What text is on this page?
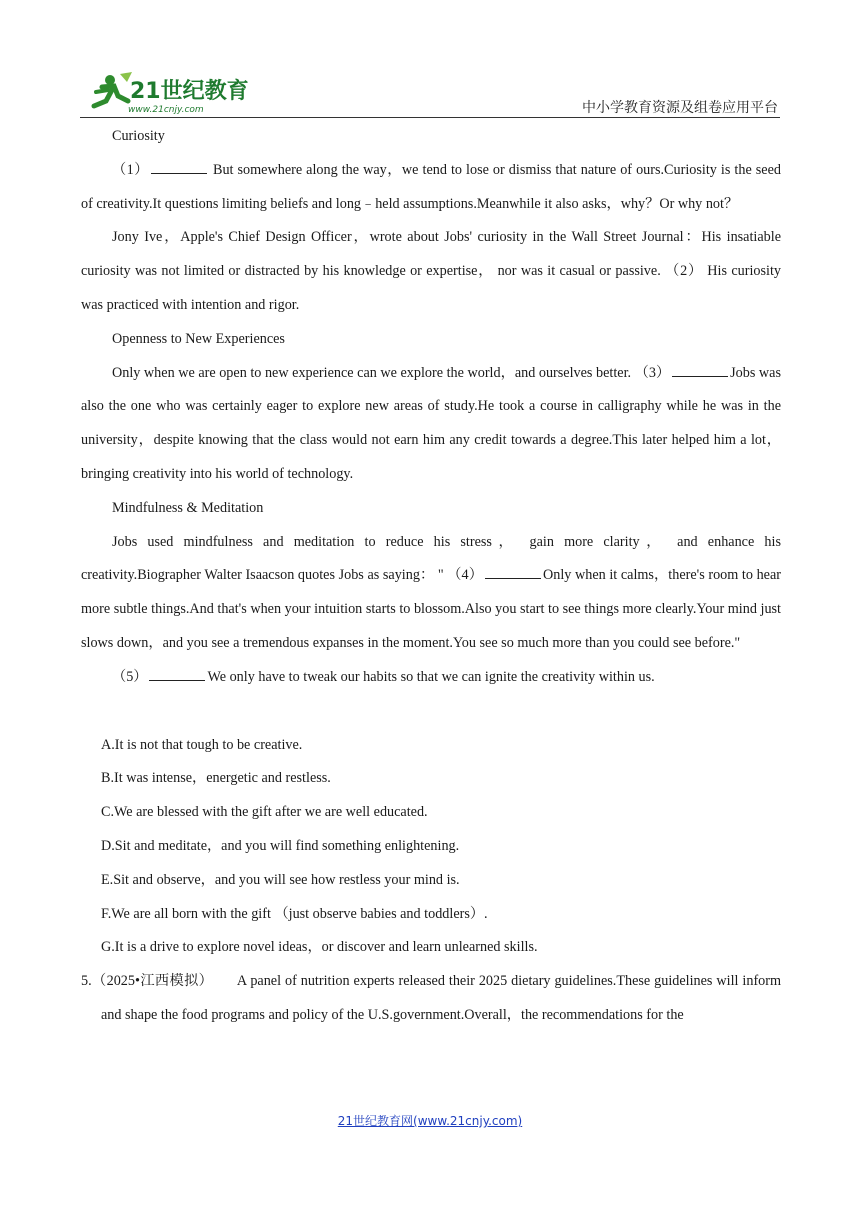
21世纪教育
www.21cnjy.com	中小学教育资源及组卷应用平台

Curiosity

（1）	But somewhere along the way，we tend to lose or dismiss that nature of ours.Curiosity is the seed of creativity.It questions limiting beliefs and long﹣held assumptions.Meanwhile it also asks，why？Or why not？

Jony Ive，Apple's Chief Design Officer，wrote about Jobs' curiosity in the Wall Street Journal：His insatiable curiosity was not limited or distracted by his knowledge or expertise， nor was it casual or passive. （2） His curiosity was practiced with intention and rigor.

Openness to New Experiences

Only when we are open to new experience can we explore the world，and ourselves better. （3）	Jobs was also the one who was certainly eager to explore new areas of study.He took a course in calligraphy while he was in the university，despite knowing that the class would not earn him any credit towards a degree.This later helped him a lot，bringing creativity into his world of technology.

Mindfulness & Meditation

Jobs used mindfulness and meditation to reduce his stress， gain more clarity， and enhance his creativity.Biographer Walter Isaacson quotes Jobs as saying： " （4）	Only when it calms，there's room to hear more subtle things.And that's when your intuition starts to blossom.Also you start to see things more clearly.Your mind just slows down，and you see a tremendous expanses in the moment.You see so much more than you could see before."

（5）	We only have to tweak our habits so that we can ignite the creativity within us.

A.It is not that tough to be creative.

B.It was intense，energetic and restless.

C.We are blessed with the gift after we are well educated.

D.Sit and meditate，and you will find something enlightening.

E.Sit and observe，and you will see how restless your mind is.

F.We are all born with the gift （just observe babies and toddlers）.

G.It is a drive to explore novel ideas，or discover and learn unlearned skills.

5.（2025•江西模拟） A panel of nutrition experts released their 2025 dietary guidelines.These guidelines will inform and shape the food programs and policy of the U.S.government.Overall，the recommendations for the

21世纪教育网(www.21cnjy.com)
